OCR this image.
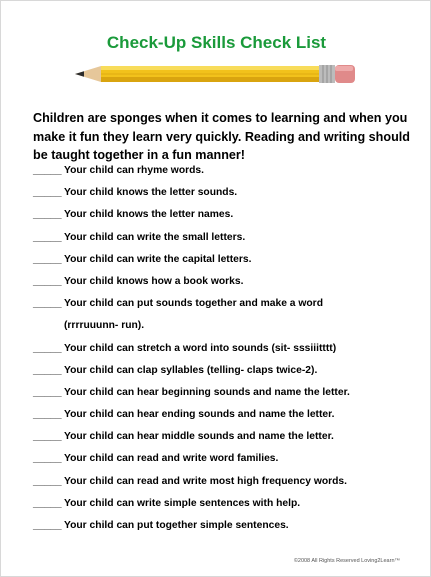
Check-Up Skills Check List
Children are sponges when it comes to learning and when you make it fun they learn very quickly. Reading and writing should be taught together in a fun manner!
_____ Your child can rhyme words.
_____ Your child knows the letter sounds.
_____ Your child knows the letter names.
_____ Your child can write the small letters.
_____ Your child can write the capital letters.
_____ Your child knows how a book works.
_____ Your child can put sounds together and make a word
(rrrruuunn- run).
_____ Your child can stretch a word into sounds (sit- sssiiitttt)
_____ Your child can clap syllables (telling- claps twice-2).
_____ Your child can hear beginning sounds and name the letter.
_____ Your child can hear ending sounds and name the letter.
_____ Your child can hear middle sounds and name the letter.
_____ Your child can read and write word families.
_____ Your child can read and write most high frequency words.
_____ Your child can write simple sentences with help.
_____ Your child can put together simple sentences.
©2008 All Rights Reserved Loving2Learn™
